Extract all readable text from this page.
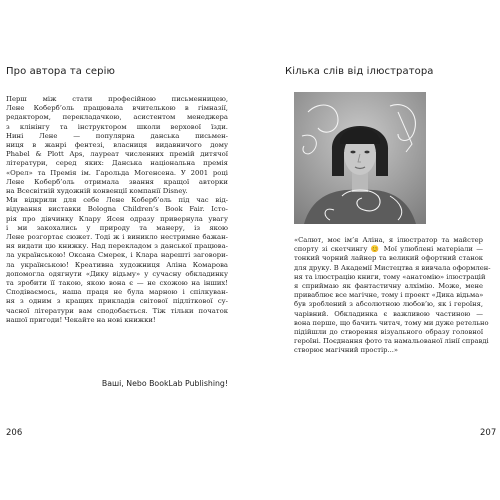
Про автора та серію
Перш між стати професійною письменницею,
Лене Коберб’оль працювала вчителькою в гімназії,
редактором, перекладачкою, асистентом менеджера
з клінінгу та інструктором школи верхової їзди.
Нині Лене — популярна данська письмен-
ниця в жанрі фентезі, власниця видавничого дому
Phabel & Plott Aps, лауреат численних премій дитячої
літератури, серед яких: Данська національна премія
«Орел» та Премія ім. Гарольда Могенсена. У 2001 році
Лене Коберб’оль отримала звання кращої авторки
на Всесвітній художній конвенції компанії Disney.
Ми відкрили для себе Лене Коберб’оль під час від-
відування виставки Bologna Children’s Book Fair. Істо-
рія про дівчинку Клару Ясен одразу привернула увагу
і ми закохались у природу та манеру, із якою
Лене розгортає сюжет. Тоді ж і виникло нестримне бажан-
ня видати цю книжку. Над перекладом з данської працюва-
ла українською! Оксана Смерек, і Клара нарешті заговори-
ла українською! Креативна художниця Аліна Комарова
допомогла одягнути «Дику відьму» у сучасну обкладинку
та зробити її такою, якою вона є — не схожою на інших!
Сподіваємось, наша праця не була марною і спілкуван-
ня з одним з кращих прикладів світової підліткової су-
часної літератури вам сподобається. Тіж тільки початок
нашої пригоди! Чекайте на нові книжки!
Ваші, Nebo BookLab Publishing!
206
Кілька слів від ілюстратора
«Салют, моє ім’я Аліна, я ілюстратор та майстер
спорту зі скетчингу 😊 Мої улюблені матеріали —
тонкий чорний лайнер та великий офортний станок
для друку. В Академії Мистецтва я вивчала оформлен-
ня та ілюстрацію книги, тому «анатомію» ілюстрацій
я сприймаю як фантастичну алхімію. Може, мене
приваблює все магічне, тому і проект «Дика відьма»
був зроблений з абсолютною любов’ю, як і героїня,
чарівний. Обкладинка є важливою частиною —
вона перше, що бачить читач, тому ми дуже ретельно
підійшли до створення візуального образу головної
героїні. Поєднання фото та намальованої лінії справді
створює магічний простір...»
207
